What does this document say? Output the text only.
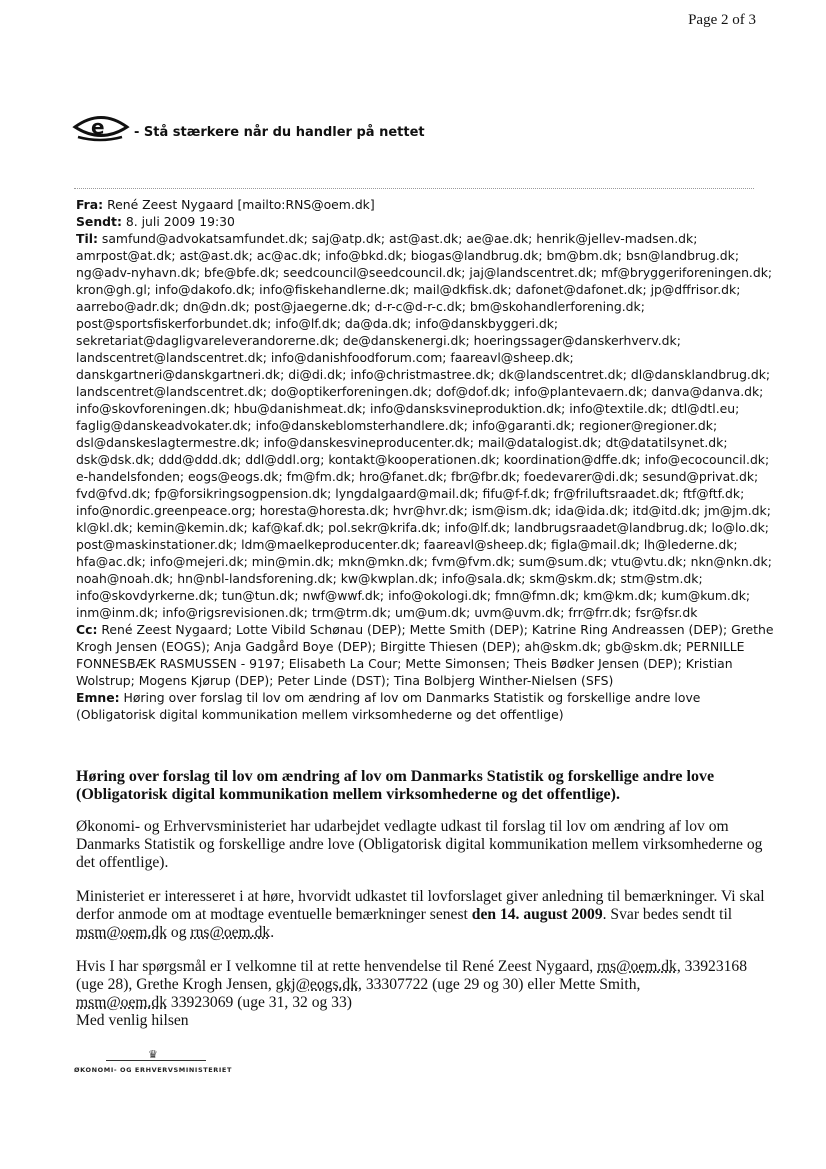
Page 2 of 3
e - Stå stærkere når du handler på nettet
Fra: René Zeest Nygaard [mailto:RNS@oem.dk]
Sendt: 8. juli 2009 19:30
Til: samfund@advokatsamfundet.dk; saj@atp.dk; ast@ast.dk; ae@ae.dk; henrik@jellev-madsen.dk; amrpost@at.dk; ast@ast.dk; ac@ac.dk; info@bkd.dk; biogas@landbrug.dk; bm@bm.dk; bsn@landbrug.dk; ng@adv-nyhavn.dk; bfe@bfe.dk; seedcouncil@seedcouncil.dk; jaj@landscentret.dk; mf@bryggeriforeningen.dk; kron@gh.gl; info@dakofo.dk; info@fiskehandlerne.dk; mail@dkfisk.dk; dafonet@dafonet.dk; jp@dffrisor.dk; aarrebo@adr.dk; dn@dn.dk; post@jaegerne.dk; d-r-c@d-r-c.dk; bm@skohandlerforening.dk; post@sportsfiskerforbundet.dk; info@lf.dk; da@da.dk; info@danskbyggeri.dk; sekretariat@dagligvareleverandorerne.dk; de@danskenergi.dk; hoeringssager@danskerhverv.dk; landscentret@landscentret.dk; info@danishfoodforum.com; faareavl@sheep.dk; danskgartneri@danskgartneri.dk; di@di.dk; info@christmastree.dk; dk@landscentret.dk; dl@dansklandbrug.dk; landscentret@landscentret.dk; do@optikerforeningen.dk; dof@dof.dk; info@plantevaern.dk; danva@danva.dk; info@skovforeningen.dk; hbu@danishmeat.dk; info@dansksvineproduktion.dk; info@textile.dk; dtl@dtl.eu; faglig@danskeadvokater.dk; info@danskeblomsterhandlere.dk; info@garanti.dk; regioner@regioner.dk; dsl@danskeslagtermestre.dk; info@danskesvineproducenter.dk; mail@datalogist.dk; dt@datatilsynet.dk; dsk@dsk.dk; ddd@ddd.dk; ddl@ddl.org; kontakt@kooperationen.dk; koordination@dffe.dk; info@ecocouncil.dk; e-handelsfonden; eogs@eogs.dk; fm@fm.dk; hro@fanet.dk; fbr@fbr.dk; foedevarer@di.dk; sesund@privat.dk; fvd@fvd.dk; fp@forsikringsogpension.dk; lyngdalgaard@mail.dk; fifu@f-f.dk; fr@friluftsraadet.dk; ftf@ftf.dk; info@nordic.greenpeace.org; horesta@horesta.dk; hvr@hvr.dk; ism@ism.dk; ida@ida.dk; itd@itd.dk; jm@jm.dk; kl@kl.dk; kemin@kemin.dk; kaf@kaf.dk; pol.sekr@krifa.dk; info@lf.dk; landbrugsraadet@landbrug.dk; lo@lo.dk; post@maskinstationer.dk; ldm@maelkeproducenter.dk; faareavl@sheep.dk; figla@mail.dk; lh@lederne.dk; hfa@ac.dk; info@mejeri.dk; min@min.dk; mkn@mkn.dk; fvm@fvm.dk; sum@sum.dk; vtu@vtu.dk; nkn@nkn.dk; noah@noah.dk; hn@nbl-landsforening.dk; kw@kwplan.dk; info@sala.dk; skm@skm.dk; stm@stm.dk; info@skovdyrkerne.dk; tun@tun.dk; nwf@wwf.dk; info@okologi.dk; fmn@fmn.dk; km@km.dk; kum@kum.dk; inm@inm.dk; info@rigsrevisionen.dk; trm@trm.dk; um@um.dk; uvm@uvm.dk; frr@frr.dk; fsr@fsr.dk
Cc: René Zeest Nygaard; Lotte Vibild Schønau (DEP); Mette Smith (DEP); Katrine Ring Andreassen (DEP); Grethe Krogh Jensen (EOGS); Anja Gadgård Boye (DEP); Birgitte Thiesen (DEP); ah@skm.dk; gb@skm.dk; PERNILLE FONNESBÆK RASMUSSEN - 9197; Elisabeth La Cour; Mette Simonsen; Theis Bødker Jensen (DEP); Kristian Wolstrup; Mogens Kjørup (DEP); Peter Linde (DST); Tina Bolbjerg Winther-Nielsen (SFS)
Emne: Høring over forslag til lov om ændring af lov om Danmarks Statistik og forskellige andre love (Obligatorisk digital kommunikation mellem virksomhederne og det offentlige)

Høring over forslag til lov om ændring af lov om Danmarks Statistik og forskellige andre love (Obligatorisk digital kommunikation mellem virksomhederne og det offentlige).

Økonomi- og Erhvervsministeriet har udarbejdet vedlagte udkast til forslag til lov om ændring af lov om Danmarks Statistik og forskellige andre love (Obligatorisk digital kommunikation mellem virksomhederne og det offentlige).

Ministeriet er interesseret i at høre, hvorvidt udkastet til lovforslaget giver anledning til bemærkninger. Vi skal derfor anmode om at modtage eventuelle bemærkninger senest den 14. august 2009. Svar bedes sendt til msm@oem.dk og rns@oem.dk.

Hvis I har spørgsmål er I velkomne til at rette henvendelse til René Zeest Nygaard, rns@oem.dk, 33923168 (uge 28), Grethe Krogh Jensen, gkj@eogs.dk, 33307722 (uge 29 og 30) eller Mette Smith,
msm@oem.dk 33923069 (uge 31, 32 og 33)

Med venlig hilsen

♛
ØKONOMI- OG ERHVERVSMINISTERIET
